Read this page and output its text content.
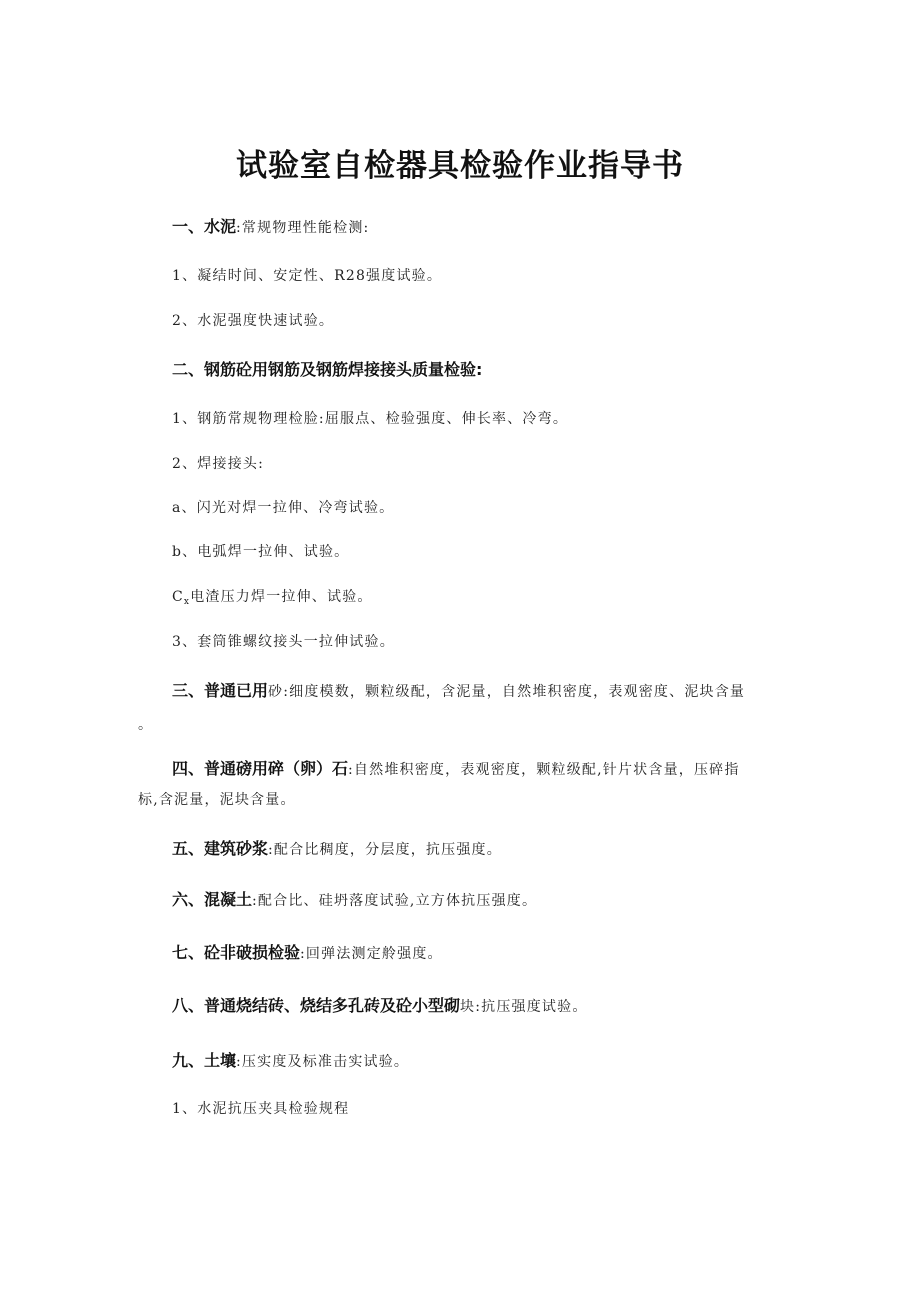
试验室自检器具检验作业指导书
一、水泥:常规物理性能检测:
1、凝结时间、安定性、R28强度试验。
2、水泥强度快速试验。
二、钢筋砼用钢筋及钢筋焊接接头质量检验:
1、钢筋常规物理检脸:屈服点、检验强度、伸长率、冷弯。
2、焊接接头:
a、闪光对焊一拉伸、冷弯试验。
b、电弧焊一拉伸、试验。
$C_x$电渣压力焊一拉伸、试验。
3、套筒锥螺纹接头一拉伸试验。
三、普通已用砂:细度模数，颗粒级配，含泥量，自然堆积密度，表观密度、泥块含量
。
四、普通磅用碎（卵）石:自然堆积密度，表观密度，颗粒级配,针片状含量，压碎指
标,含泥量，泥块含量。
五、建筑砂浆:配合比稠度，分层度，抗压强度。
六、混凝土:配合比、硅坍落度试验,立方体抗压强度。
七、砼非破损检验:回弹法测定舲强度。
八、普通烧结砖、烧结多孔砖及砼小型砌块:抗压强度试验。
九、土壤:压实度及标准击实试验。
1、水泥抗压夹具检验规程
